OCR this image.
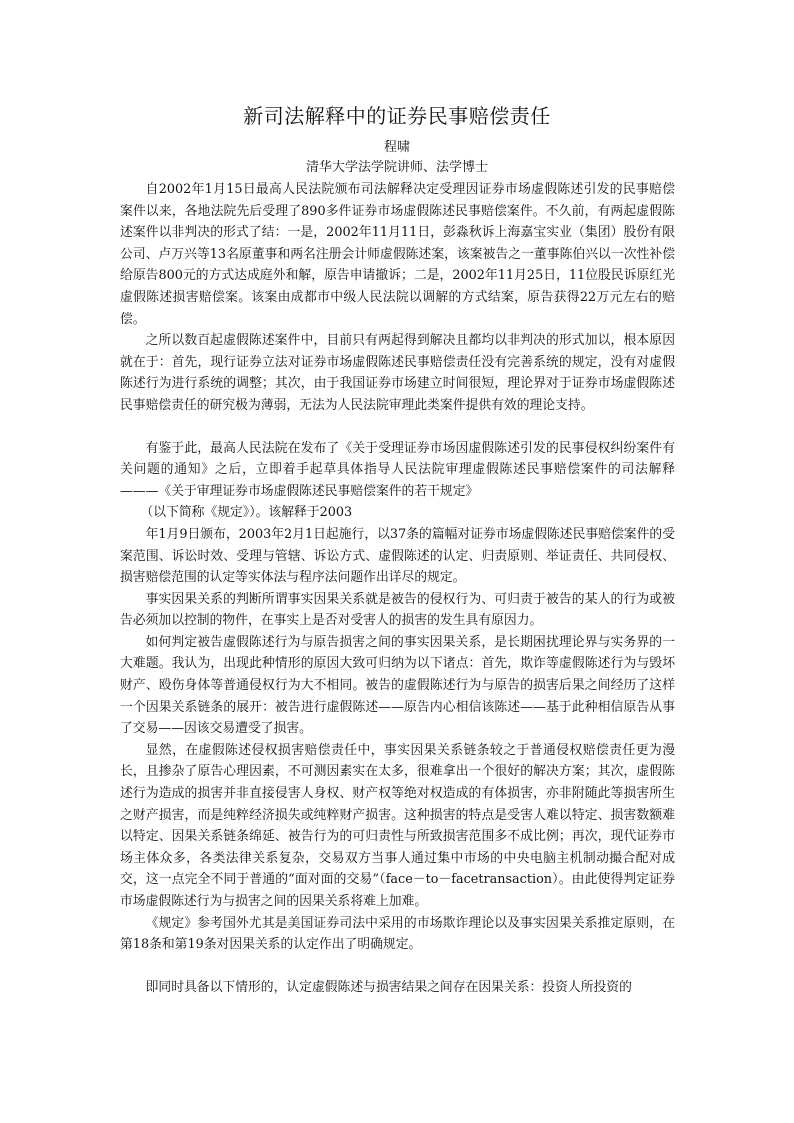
新司法解释中的证券民事赔偿责任
程啸
清华大学法学院讲师、法学博士

自2002年1月15日最高人民法院颁布司法解释决定受理因证券市场虚假陈述引发的民事赔偿案件以来，各地法院先后受理了890多件证券市场虚假陈述民事赔偿案件。不久前，有两起虚假陈述案件以非判决的形式了结：一是，2002年11月11日，彭淼秋诉上海嘉宝实业（集团）股份有限公司、卢万兴等13名原董事和两名注册会计师虚假陈述案，该案被告之一董事陈伯兴以一次性补偿给原告800元的方式达成庭外和解，原告申请撤诉；二是，2002年11月25日，11位股民诉原红光虚假陈述损害赔偿案。该案由成都市中级人民法院以调解的方式结案，原告获得22万元左右的赔偿。

之所以数百起虚假陈述案件中，目前只有两起得到解决且都均以非判决的形式加以，根本原因就在于：首先，现行证券立法对证券市场虚假陈述民事赔偿责任没有完善系统的规定，没有对虚假陈述行为进行系统的调整；其次，由于我国证券市场建立时间很短，理论界对于证券市场虚假陈述民事赔偿责任的研究极为薄弱，无法为人民法院审理此类案件提供有效的理论支持。

有鉴于此，最高人民法院在发布了《关于受理证券市场因虚假陈述引发的民事侵权纠纷案件有关问题的通知》之后，立即着手起草具体指导人民法院审理虚假陈述民事赔偿案件的司法解释———《关于审理证券市场虚假陈述民事赔偿案件的若干规定》

（以下简称《规定》）。该解释于2003

年1月9日颁布，2003年2月1日起施行，以37条的篇幅对证券市场虚假陈述民事赔偿案件的受案范围、诉讼时效、受理与管辖、诉讼方式、虚假陈述的认定、归责原则、举证责任、共同侵权、损害赔偿范围的认定等实体法与程序法问题作出详尽的规定。

事实因果关系的判断所谓事实因果关系就是被告的侵权行为、可归责于被告的某人的行为或被告必须加以控制的物件，在事实上是否对受害人的损害的发生具有原因力。

如何判定被告虚假陈述行为与原告损害之间的事实因果关系，是长期困扰理论界与实务界的一大难题。我认为，出现此种情形的原因大致可归纳为以下诸点：首先，欺诈等虚假陈述行为与毁坏财产、殴伤身体等普通侵权行为大不相同。被告的虚假陈述行为与原告的损害后果之间经历了这样一个因果关系链条的展开：被告进行虚假陈述——原告内心相信该陈述——基于此种相信原告从事了交易——因该交易遭受了损害。

显然，在虚假陈述侵权损害赔偿责任中，事实因果关系链条较之于普通侵权赔偿责任更为漫长，且掺杂了原告心理因素，不可测因素实在太多，很难拿出一个很好的解决方案；其次，虚假陈述行为造成的损害并非直接侵害人身权、财产权等绝对权造成的有体损害，亦非附随此等损害所生之财产损害，而是纯粹经济损失或纯粹财产损害。这种损害的特点是受害人难以特定、损害数额难以特定、因果关系链条绵延、被告行为的可归责性与所致损害范围多不成比例；再次，现代证券市场主体众多，各类法律关系复杂，交易双方当事人通过集中市场的中央电脑主机制动撮合配对成交，这一点完全不同于普通的“面对面的交易”（face－to－facetransaction）。由此使得判定证券市场虚假陈述行为与损害之间的因果关系将难上加难。

《规定》参考国外尤其是美国证券司法中采用的市场欺诈理论以及事实因果关系推定原则，在第18条和第19条对因果关系的认定作出了明确规定。

即同时具备以下情形的，认定虚假陈述与损害结果之间存在因果关系：投资人所投资的
